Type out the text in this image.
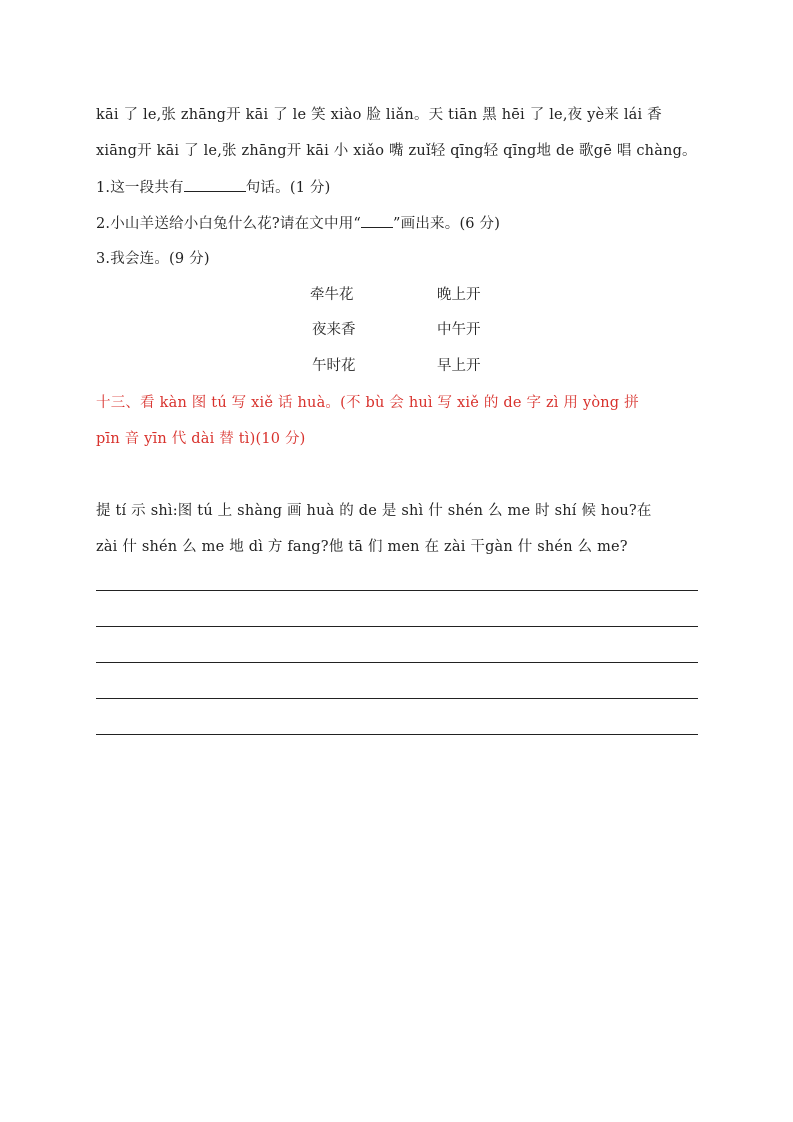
kāi 了 le,张 zhāng开 kāi 了 le 笑 xiào 脸 liǎn。天 tiān 黑 hēi 了 le,夜 yè来 lái 香
xiāng开 kāi 了 le,张 zhāng开 kāi 小 xiǎo 嘴 zuǐ轻 qīng轻 qīng地 de 歌gē 唱 chàng。
1.这一段共有	句话。(1 分)
2.小山羊送给小白兔什么花?请在文中用“ ”画出来。(6 分)
3.我会连。(9 分)
牵牛花	晚上开
夜来香	中午开
午时花	早上开
十三、看 kàn 图 tú 写 xiě 话 huà。(不 bù 会 huì 写 xiě 的 de 字 zì 用 yòng 拼
pīn 音 yīn 代 dài 替 tì)(10 分)
提 tí 示 shì:图 tú 上 shàng 画 huà 的 de 是 shì 什 shén 么 me 时 shí 候 hou?在
zài 什 shén 么 me 地 dì 方 fang?他 tā 们 men 在 zài 干gàn 什 shén 么 me?
